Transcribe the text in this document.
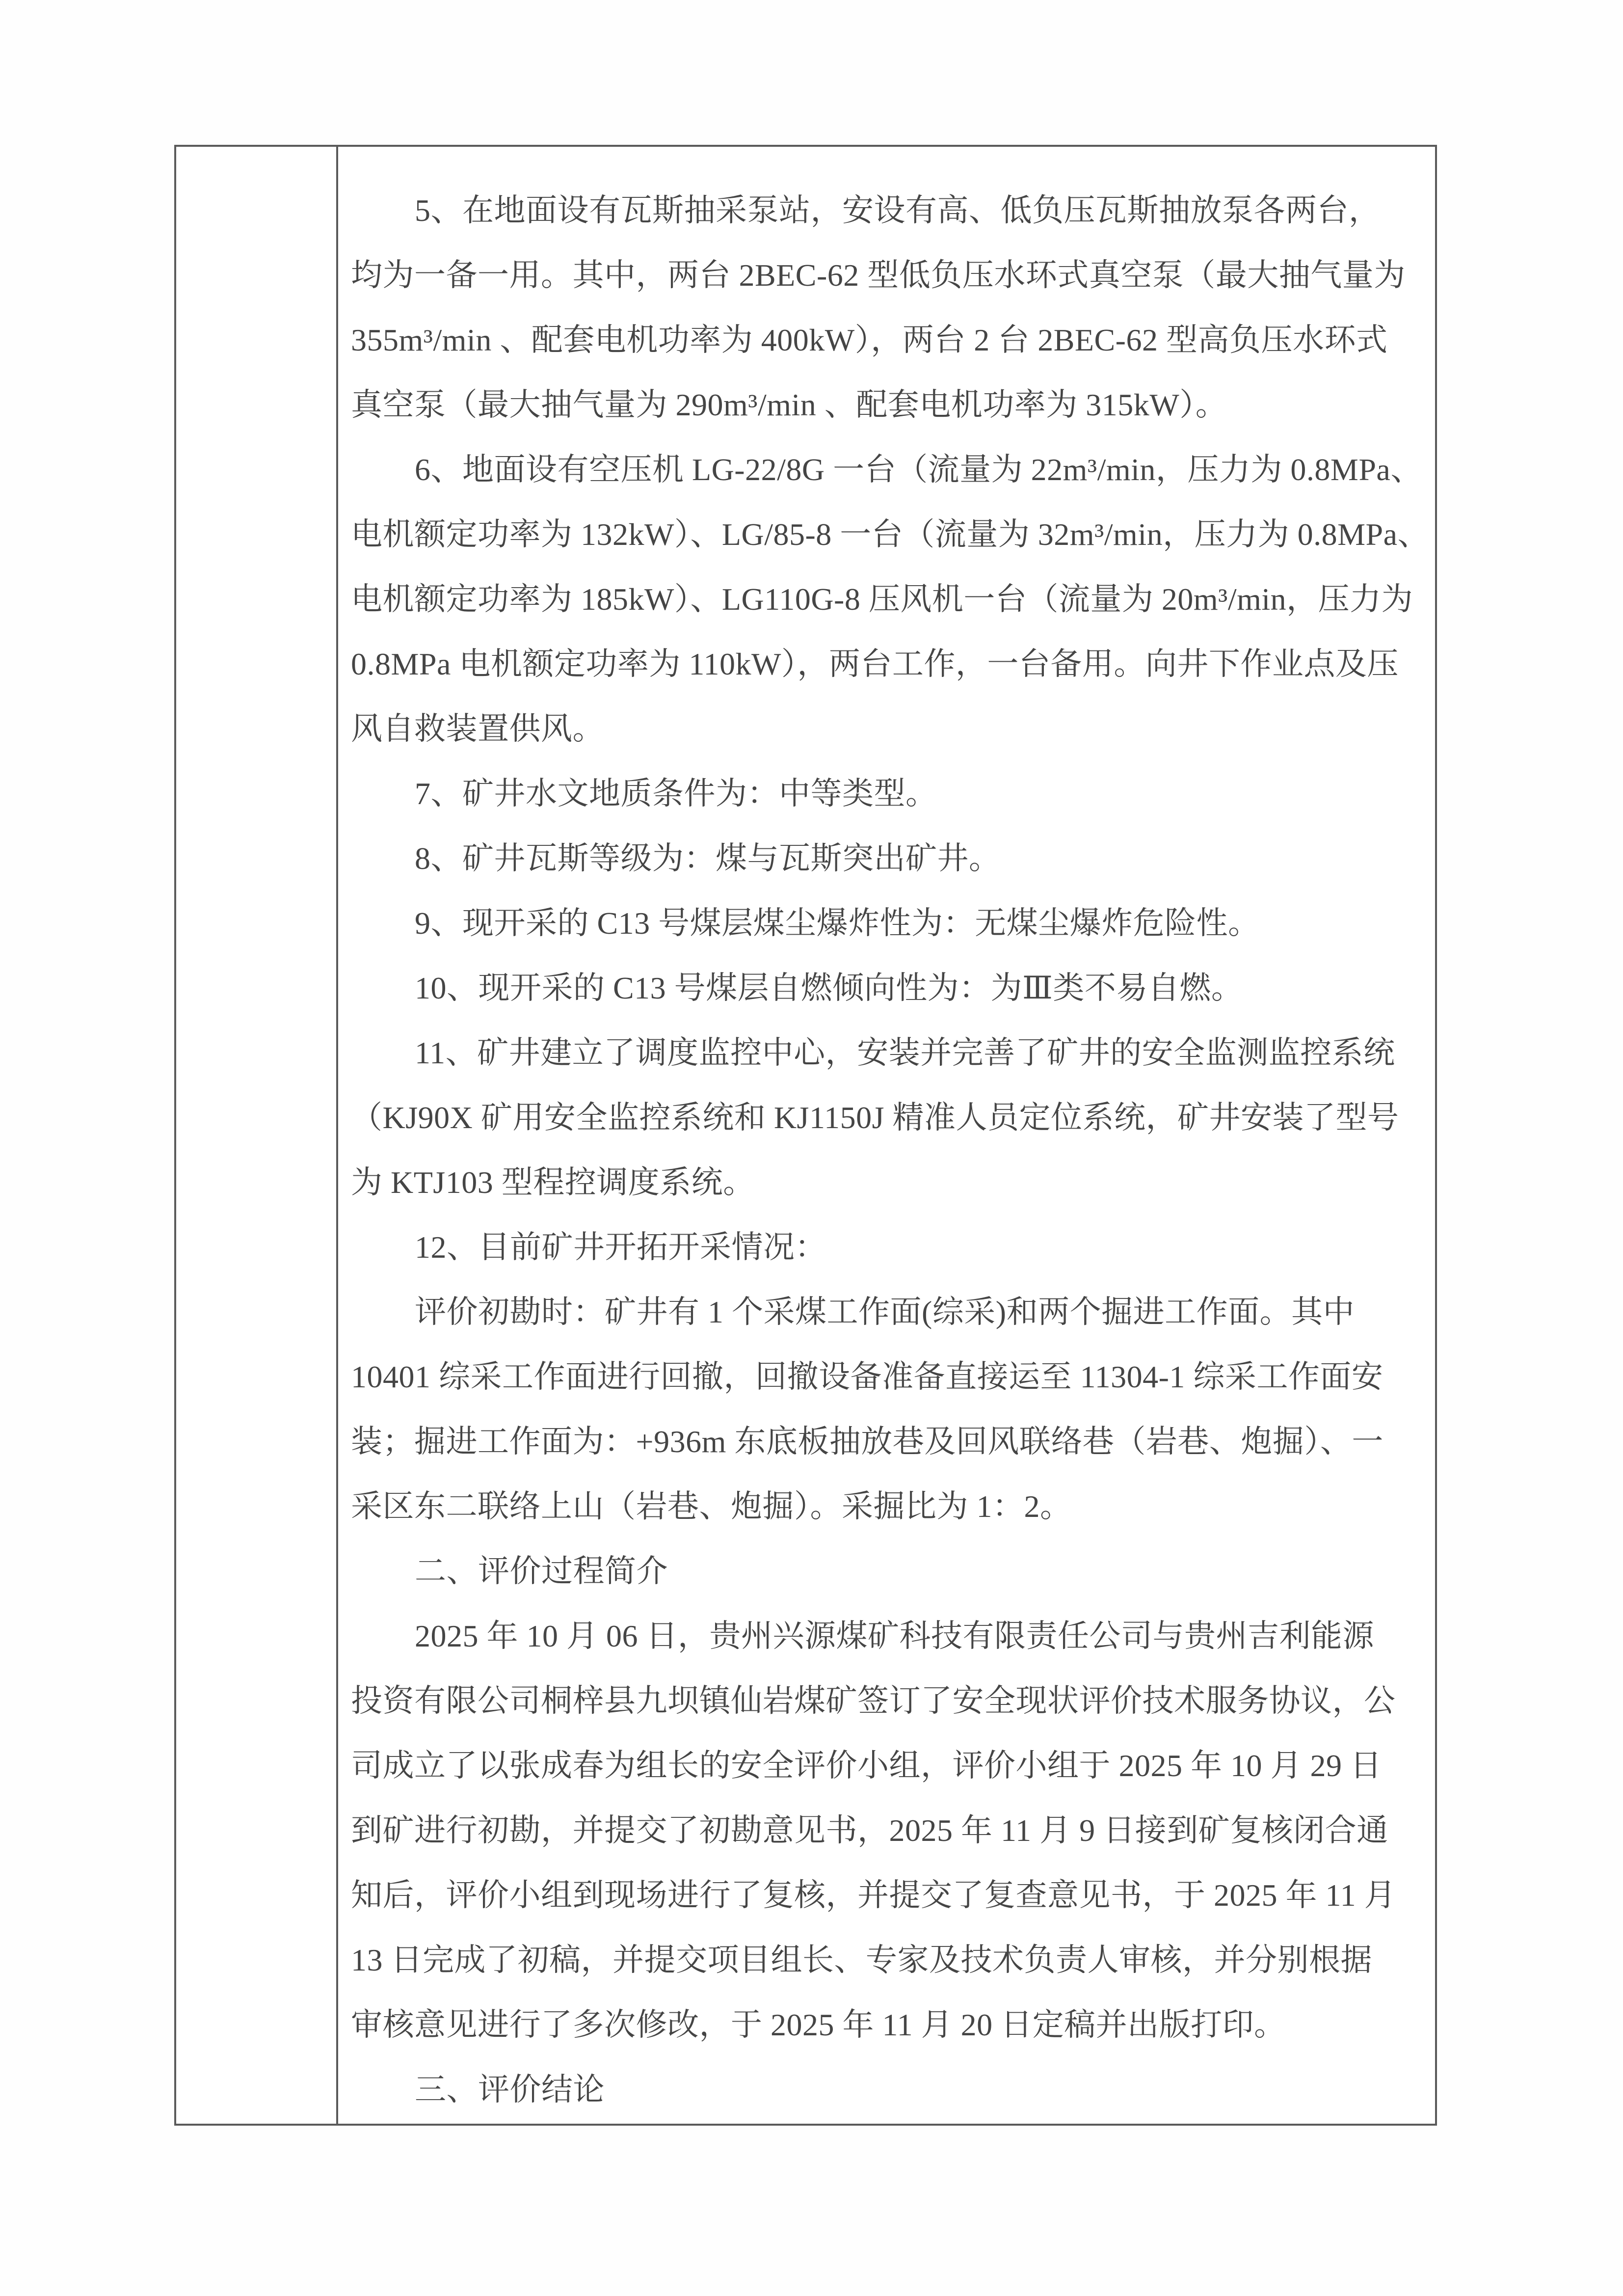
5、在地面设有瓦斯抽采泵站，安设有高、低负压瓦斯抽放泵各两台，
均为一备一用。其中，两台 2BEC-62 型低负压水环式真空泵（最大抽气量为
355m³/min 、配套电机功率为 400kW），两台 2 台 2BEC-62 型高负压水环式
真空泵（最大抽气量为 290m³/min 、配套电机功率为 315kW）。
6、地面设有空压机 LG-22/8G 一台（流量为 22m³/min，压力为 0.8MPa、
电机额定功率为 132kW）、LG/85-8 一台（流量为 32m³/min，压力为 0.8MPa、
电机额定功率为 185kW）、LG110G-8 压风机一台（流量为 20m³/min，压力为
0.8MPa 电机额定功率为 110kW），两台工作，一台备用。向井下作业点及压
风自救装置供风。
7、矿井水文地质条件为：中等类型。
8、矿井瓦斯等级为：煤与瓦斯突出矿井。
9、现开采的 C13 号煤层煤尘爆炸性为：无煤尘爆炸危险性。
10、现开采的 C13 号煤层自燃倾向性为：为Ⅲ类不易自燃。
11、矿井建立了调度监控中心，安装并完善了矿井的安全监测监控系统
（KJ90X 矿用安全监控系统和 KJ1150J 精准人员定位系统，矿井安装了型号
为 KTJ103 型程控调度系统。
12、目前矿井开拓开采情况：
评价初勘时：矿井有 1 个采煤工作面(综采)和两个掘进工作面。其中
10401 综采工作面进行回撤，回撤设备准备直接运至 11304-1 综采工作面安
装；掘进工作面为：+936m 东底板抽放巷及回风联络巷（岩巷、炮掘）、一
采区东二联络上山（岩巷、炮掘）。采掘比为 1：2。
二、评价过程简介
2025 年 10 月 06 日，贵州兴源煤矿科技有限责任公司与贵州吉利能源
投资有限公司桐梓县九坝镇仙岩煤矿签订了安全现状评价技术服务协议，公
司成立了以张成春为组长的安全评价小组，评价小组于 2025 年 10 月 29 日
到矿进行初勘，并提交了初勘意见书，2025 年 11 月 9 日接到矿复核闭合通
知后，评价小组到现场进行了复核，并提交了复查意见书，于 2025 年 11 月
13 日完成了初稿，并提交项目组长、专家及技术负责人审核，并分别根据
审核意见进行了多次修改，于 2025 年 11 月 20 日定稿并出版打印。
三、评价结论
